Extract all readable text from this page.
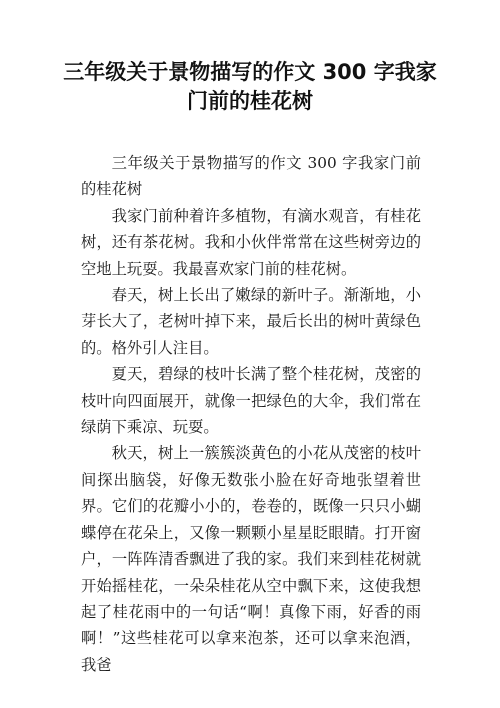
三年级关于景物描写的作文 300 字我家门前的桂花树

三年级关于景物描写的作文 300 字我家门前的桂花树

我家门前种着许多植物，有滴水观音，有桂花树，还有茶花树。我和小伙伴常常在这些树旁边的空地上玩耍。我最喜欢家门前的桂花树。

春天，树上长出了嫩绿的新叶子。渐渐地，小芽长大了，老树叶掉下来，最后长出的树叶黄绿色的。格外引人注目。

夏天，碧绿的枝叶长满了整个桂花树，茂密的枝叶向四面展开，就像一把绿色的大伞，我们常在绿荫下乘凉、玩耍。

秋天，树上一簇簇淡黄色的小花从茂密的枝叶间探出脑袋，好像无数张小脸在好奇地张望着世界。它们的花瓣小小的，卷卷的，既像一只只小蝴蝶停在花朵上，又像一颗颗小星星眨眼睛。打开窗户，一阵阵清香飘进了我的家。我们来到桂花树就开始摇桂花，一朵朵桂花从空中飘下来，这使我想起了桂花雨中的一句话“啊！真像下雨，好香的雨啊！”这些桂花可以拿来泡茶，还可以拿来泡酒，我爸
